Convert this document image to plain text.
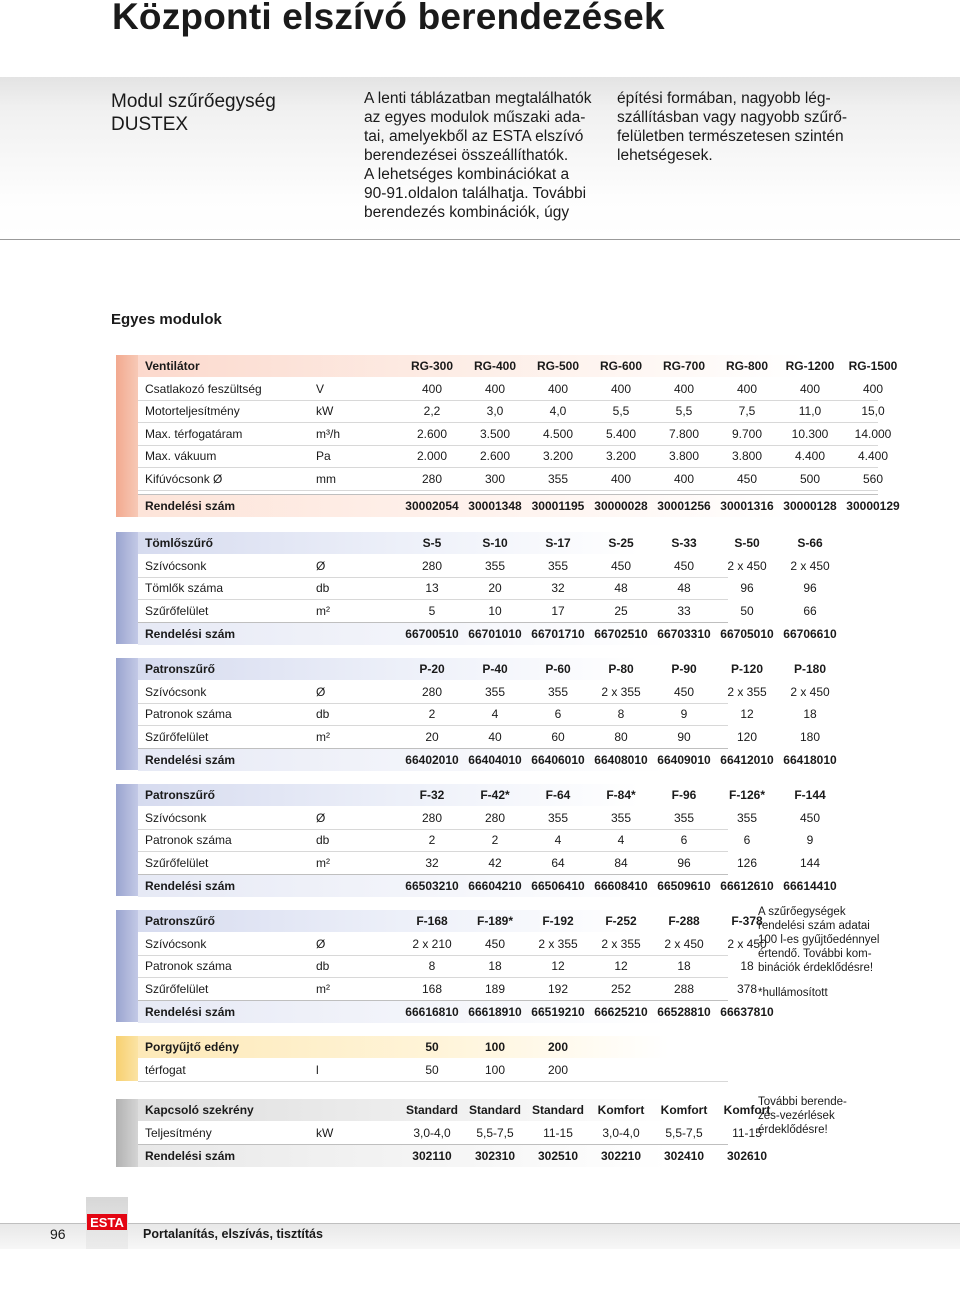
Központi elszívó berendezések
Modul szűrőegység
DUSTEX
A lenti táblázatban megtalálhatók
az egyes modulok műszaki ada-
tai, amelyekből az ESTA elszívó
berendezései összeállíthatók.
A lehetséges kombinációkat a
90-91.oldalon találhatja. További
berendezés kombinációk, úgy
építési formában, nagyobb lég-
szállításban vagy nagyobb szűrő-
felületben természetesen szintén
lehetségesek.
Egyes modulok
Ventilátor	RG-300	RG-400	RG-500	RG-600	RG-700	RG-800	RG-1200	RG-1500
Csatlakozó feszültség	V	400	400	400	400	400	400	400	400
Motorteljesítmény	kW	2,2	3,0	4,0	5,5	5,5	7,5	11,0	15,0
Max. térfogatáram	m³/h	2.600	3.500	4.500	5.400	7.800	9.700	10.300	14.000
Max. vákuum	Pa	2.000	2.600	3.200	3.200	3.800	3.800	4.400	4.400
Kifúvócsonk Ø	mm	280	300	355	400	400	450	500	560
Rendelési szám	30002054 30001348 30001195 30000028 30001256 30001316 30000128 30000129
Tömlőszűrő	S-5	S-10	S-17	S-25	S-33	S-50	S-66
Szívócsonk	Ø	280	355	355	450	450	2 x 450	2 x 450
Tömlők száma	db	13	20	32	48	48	96	96
Szűrőfelület	m²	5	10	17	25	33	50	66
Rendelési szám	66700510 66701010 66701710 66702510 66703310 66705010 66706610
Patronszűrő	P-20	P-40	P-60	P-80	P-90	P-120	P-180
Szívócsonk	Ø	280	355	355	2 x 355	450	2 x 355	2 x 450
Patronok száma	db	2	4	6	8	9	12	18
Szűrőfelület	m²	20	40	60	80	90	120	180
Rendelési szám	66402010 66404010 66406010 66408010 66409010 66412010 66418010
Patronszűrő	F-32	F-42*	F-64	F-84*	F-96	F-126*	F-144
Szívócsonk	Ø	280	280	355	355	355	355	450
Patronok száma	db	2	2	4	4	6	6	9
Szűrőfelület	m²	32	42	64	84	96	126	144
Rendelési szám	66503210 66604210 66506410 66608410 66509610 66612610 66614410
Patronszűrő	F-168	F-189*	F-192	F-252	F-288	F-378
Szívócsonk	Ø	2 x 210	450	2 x 355	2 x 355	2 x 450	2 x 450
Patronok száma	db	8	18	12	12	18	18
Szűrőfelület	m²	168	189	192	252	288	378
Rendelési szám	66616810 66618910 66519210 66625210 66528810 66637810
Porgyűjtő edény	50	100	200
térfogat	l	50	100	200
Kapcsoló szekrény	Standard Standard Standard	Komfort	Komfort	Komfort
Teljesítmény	kW	3,0-4,0	5,5-7,5	11-15	3,0-4,0	5,5-7,5	11-15
Rendelési szám	302110	302310	302510	302210	302410	302610
A szűrőegységek
rendelési szám adatai
100 l-es gyűjtőedénnyel
értendő. További kom-
binációk érdeklődésre!
*hullámosított
További berende-
zés-vezérlések
érdeklődésre!
ESTA
96	Portalanítás, elszívás, tisztítás
